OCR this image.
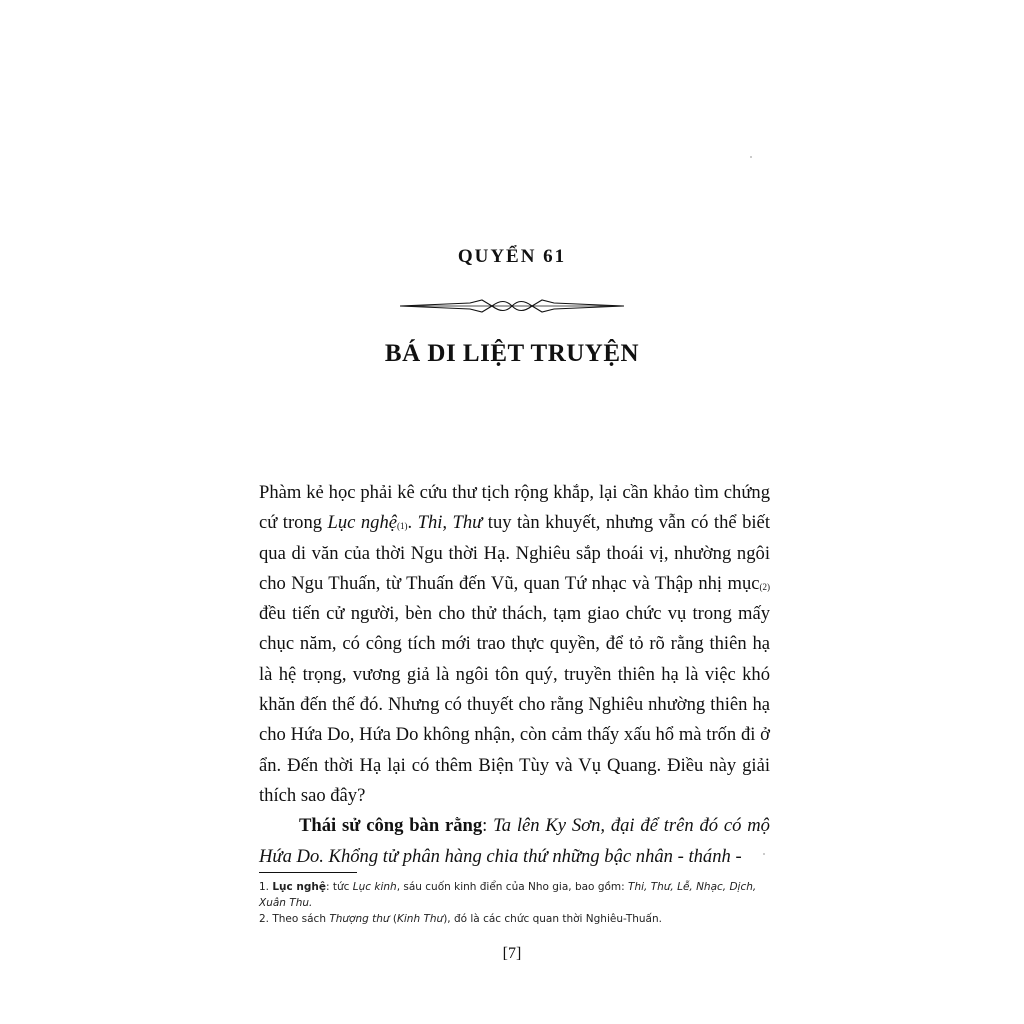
QUYỂN 61
BÁ DI LIỆT TRUYỆN

Phàm kẻ học phải kê cứu thư tịch rộng khắp, lại cần khảo tìm chứng cứ trong Lục nghệ$^{(1)}$. Thi, Thư tuy tàn khuyết, nhưng vẫn có thể biết qua di văn của thời Ngu thời Hạ. Nghiêu sắp thoái vị, nhường ngôi cho Ngu Thuấn, từ Thuấn đến Vũ, quan Tứ nhạc và Thập nhị mục$^{(2)}$ đều tiến cử người, bèn cho thử thách, tạm giao chức vụ trong mấy chục năm, có công tích mới trao thực quyền, để tỏ rõ rằng thiên hạ là hệ trọng, vương giả là ngôi tôn quý, truyền thiên hạ là việc khó khăn đến thế đó. Nhưng có thuyết cho rằng Nghiêu nhường thiên hạ cho Hứa Do, Hứa Do không nhận, còn cảm thấy xấu hổ mà trốn đi ở ẩn. Đến thời Hạ lại có thêm Biện Tùy và Vụ Quang. Điều này giải thích sao đây?

Thái sử công bàn rằng: Ta lên Ky Sơn, đại để trên đó có mộ Hứa Do. Khổng tử phân hàng chia thứ những bậc nhân - thánh -

1. Lục nghệ: tức Lục kinh, sáu cuốn kinh điển của Nho gia, bao gồm: Thi, Thư, Lễ, Nhạc, Dịch, Xuân Thu.

2. Theo sách Thượng thư (Kinh Thư), đó là các chức quan thời Nghiêu-Thuấn.

[7]
